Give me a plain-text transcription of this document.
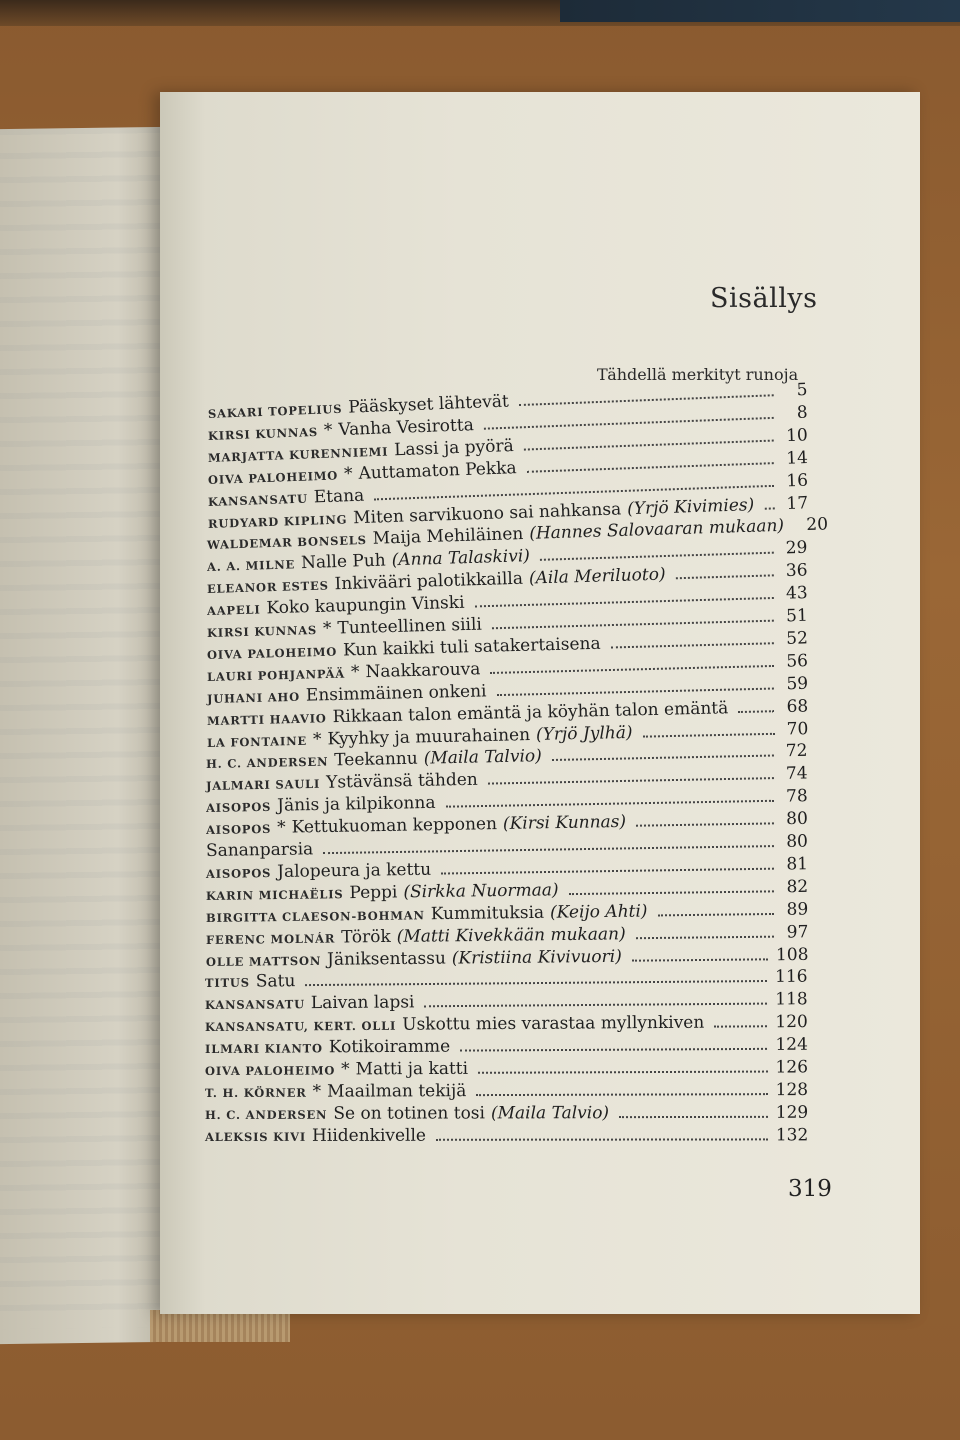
Sisällys
Tähdellä merkityt runoja
SAKARI TOPELIUS Pääskyset lähtevät
5
KIRSI KUNNAS * Vanha Vesirotta
8
MARJATTA KURENNIEMI Lassi ja pyörä
10
OIVA PALOHEIMO * Auttamaton Pekka	14
KANSANSATU Etana
16
RUDYARD KIPLING Miten sarvikuono sai nahkansa (Yrjö Kivimies) 17
WALDEMAR BONSELS Maija Mehiläinen (Hannes Salovaaran mukaan) 20
A. A. MILNE Nalle Puh (Anna Talaskivi)	29
ELEANOR ESTES Inkivääri palotikkailla (Aila Meriluoto)	36
AAPELI Koko kaupungin Vinski	43
KIRSI KUNNAS * Tunteellinen siili	51
OIVA PALOHEIMO Kun kaikki tuli satakertaisena	52
LAURI POHJANPÄÄ * Naakkarouva	56
JUHANI AHO Ensimmäinen onkeni	59
MARTTI HAAVIO Rikkaan talon emäntä ja köyhän talon emäntä	68
LA FONTAINE * Kyyhky ja muurahainen (Yrjö Jylhä)	70
H. C. ANDERSEN Teekannu (Maila Talvio)	72
JALMARI SAULI Ystävänsä tähden	74
AISOPOS Jänis ja kilpikonna	78
AISOPOS * Kettukuoman kepponen (Kirsi Kunnas)	80
Sananparsia	80
AISOPOS Jalopeura ja kettu	81
KARIN MICHAËLIS Peppi (Sirkka Nuormaa)	82
BIRGITTA CLAESON-BOHMAN Kummituksia (Keijo Ahti)	89
FERENC MOLNÁR Török (Matti Kivekkään mukaan)	97
OLLE MATTSON Jäniksentassu (Kristiina Kivivuori)	108
TITUS Satu	116
KANSANSATU Laivan lapsi	118
KANSANSATU, KERT. OLLI Uskottu mies varastaa myllynkiven	120
ILMARI KIANTO Kotikoiramme	124
OIVA PALOHEIMO * Matti ja katti	126
T. H. KÖRNER * Maailman tekijä	128
H. C. ANDERSEN Se on totinen tosi (Maila Talvio)	129
ALEKSIS KIVI Hiidenkivelle	132
319
